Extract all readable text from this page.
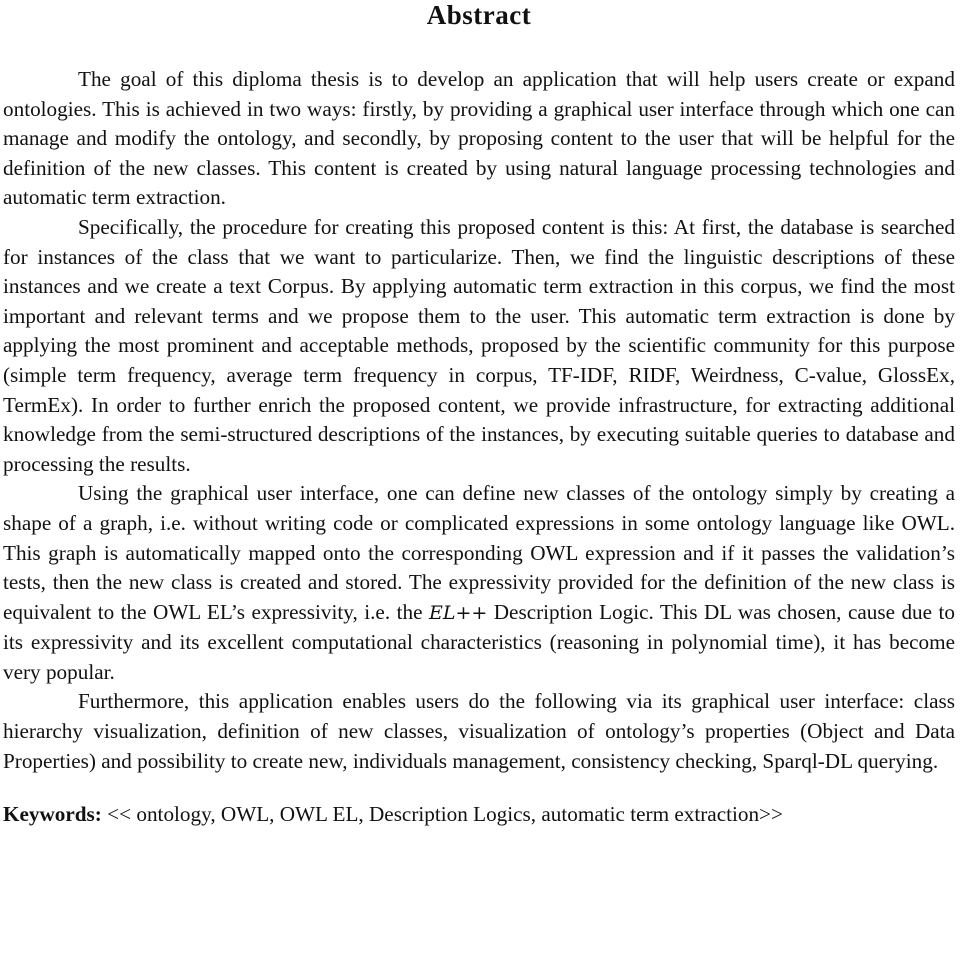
Abstract

The goal of this diploma thesis is to develop an application that will help users create or expand ontologies. This is achieved in two ways: firstly, by providing a graphical user interface through which one can manage and modify the ontology, and secondly, by proposing content to the user that will be helpful for the definition of the new classes. This content is created by using natural language processing technologies and automatic term extraction.

Specifically, the procedure for creating this proposed content is this: At first, the database is searched for instances of the class that we want to particularize. Then, we find the linguistic descriptions of these instances and we create a text Corpus. By applying automatic term extraction in this corpus, we find the most important and relevant terms and we propose them to the user. This automatic term extraction is done by applying the most prominent and acceptable methods, proposed by the scientific community for this purpose (simple term frequency, average term frequency in corpus, TF-IDF, RIDF, Weirdness, C-value, GlossEx, TermEx). In order to further enrich the proposed content, we provide infrastructure, for extracting additional knowledge from the semi-structured descriptions of the instances, by executing suitable queries to database and processing the results.

Using the graphical user interface, one can define new classes of the ontology simply by creating a shape of a graph, i.e. without writing code or complicated expressions in some ontology language like OWL. This graph is automatically mapped onto the corresponding OWL expression and if it passes the validation’s tests, then the new class is created and stored. The expressivity provided for the definition of the new class is equivalent to the OWL EL’s expressivity, i.e. the EL++ Description Logic. This DL was chosen, cause due to its expressivity and its excellent computational characteristics (reasoning in polynomial time), it has become very popular.

Furthermore, this application enables users do the following via its graphical user interface: class hierarchy visualization, definition of new classes, visualization of ontology’s properties (Object and Data Properties) and possibility to create new, individuals management, consistency checking, Sparql-DL querying.

Keywords: << ontology, OWL, OWL EL, Description Logics, automatic term extraction>>
